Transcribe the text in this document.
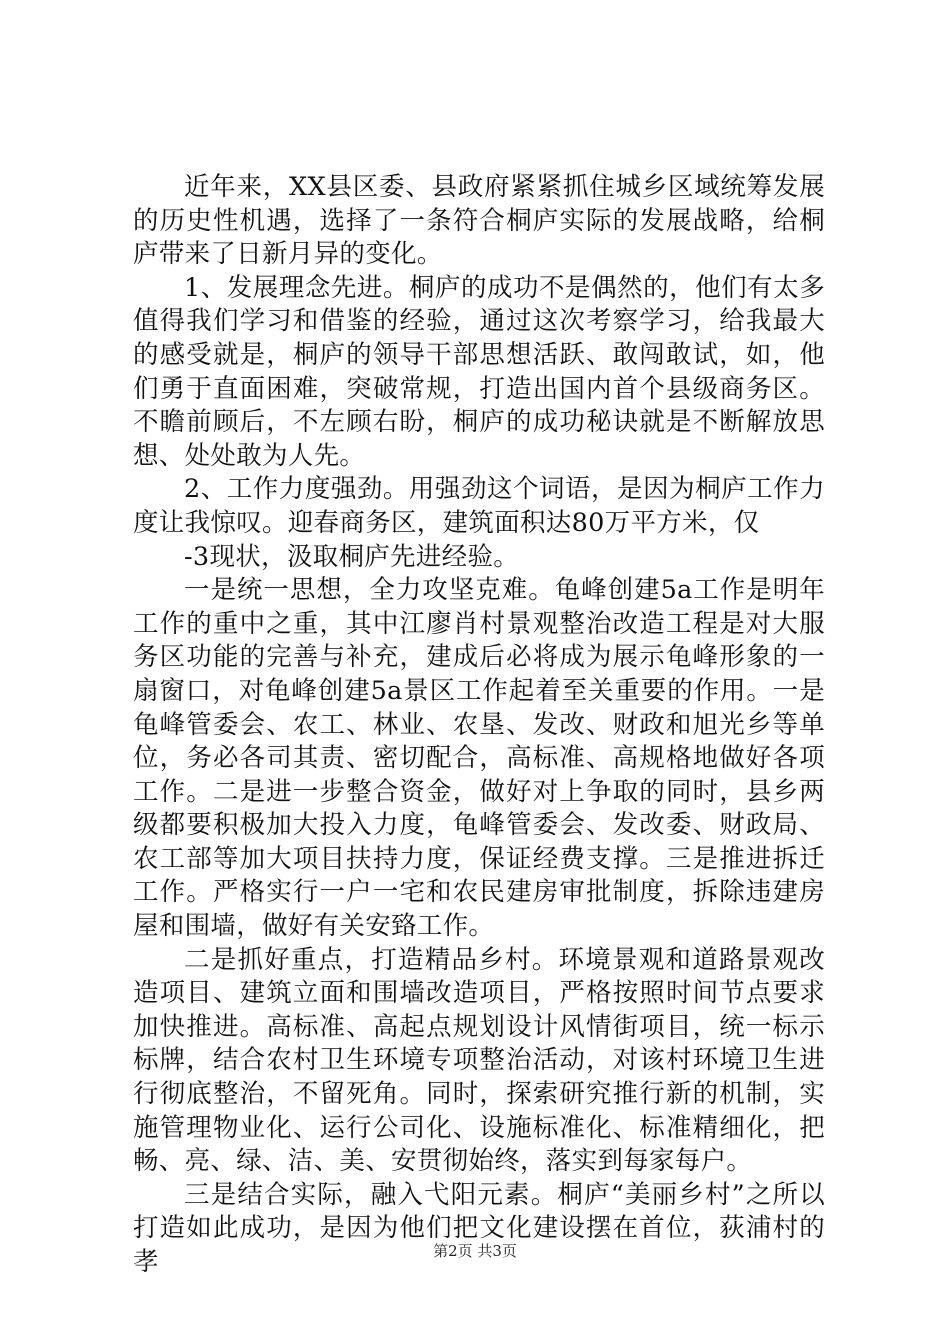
近年来，XX县区委、县政府紧紧抓住城乡区域统筹发展的历史性机遇，选择了一条符合桐庐实际的发展战略，给桐庐带来了日新月异的变化。

1、发展理念先进。桐庐的成功不是偶然的，他们有太多值得我们学习和借鉴的经验，通过这次考察学习，给我最大的感受就是，桐庐的领导干部思想活跃、敢闯敢试，如，他们勇于直面困难，突破常规，打造出国内首个县级商务区。不瞻前顾后，不左顾右盼，桐庐的成功秘诀就是不断解放思想、处处敢为人先。

2、工作力度强劲。用强劲这个词语，是因为桐庐工作力度让我惊叹。迎春商务区，建筑面积达80万平方米，仅

-3现状，汲取桐庐先进经验。

一是统一思想，全力攻坚克难。龟峰创建5a工作是明年工作的重中之重，其中江廖肖村景观整治改造工程是对大服务区功能的完善与补充，建成后必将成为展示龟峰形象的一扇窗口，对龟峰创建5a景区工作起着至关重要的作用。一是龟峰管委会、农工、林业、农垦、发改、财政和旭光乡等单位，务必各司其责、密切配合，高标准、高规格地做好各项工作。二是进一步整合资金，做好对上争取的同时，县乡两级都要积极加大投入力度，龟峰管委会、发改委、财政局、农工部等加大项目扶持力度，保证经费支撑。三是推进拆迁工作。严格实行一户一宅和农民建房审批制度，拆除违建房屋和围墙，做好有关安臵工作。

二是抓好重点，打造精品乡村。环境景观和道路景观改造项目、建筑立面和围墙改造项目，严格按照时间节点要求加快推进。高标准、高起点规划设计风情街项目，统一标示标牌，结合农村卫生环境专项整治活动，对该村环境卫生进行彻底整治，不留死角。同时，探索研究推行新的机制，实施管理物业化、运行公司化、设施标准化、标准精细化，把畅、亮、绿、洁、美、安贯彻始终，落实到每家每户。

三是结合实际，融入弋阳元素。桐庐“美丽乡村”之所以打造如此成功，是因为他们把文化建设摆在首位，荻浦村的孝	第2页 共3页
